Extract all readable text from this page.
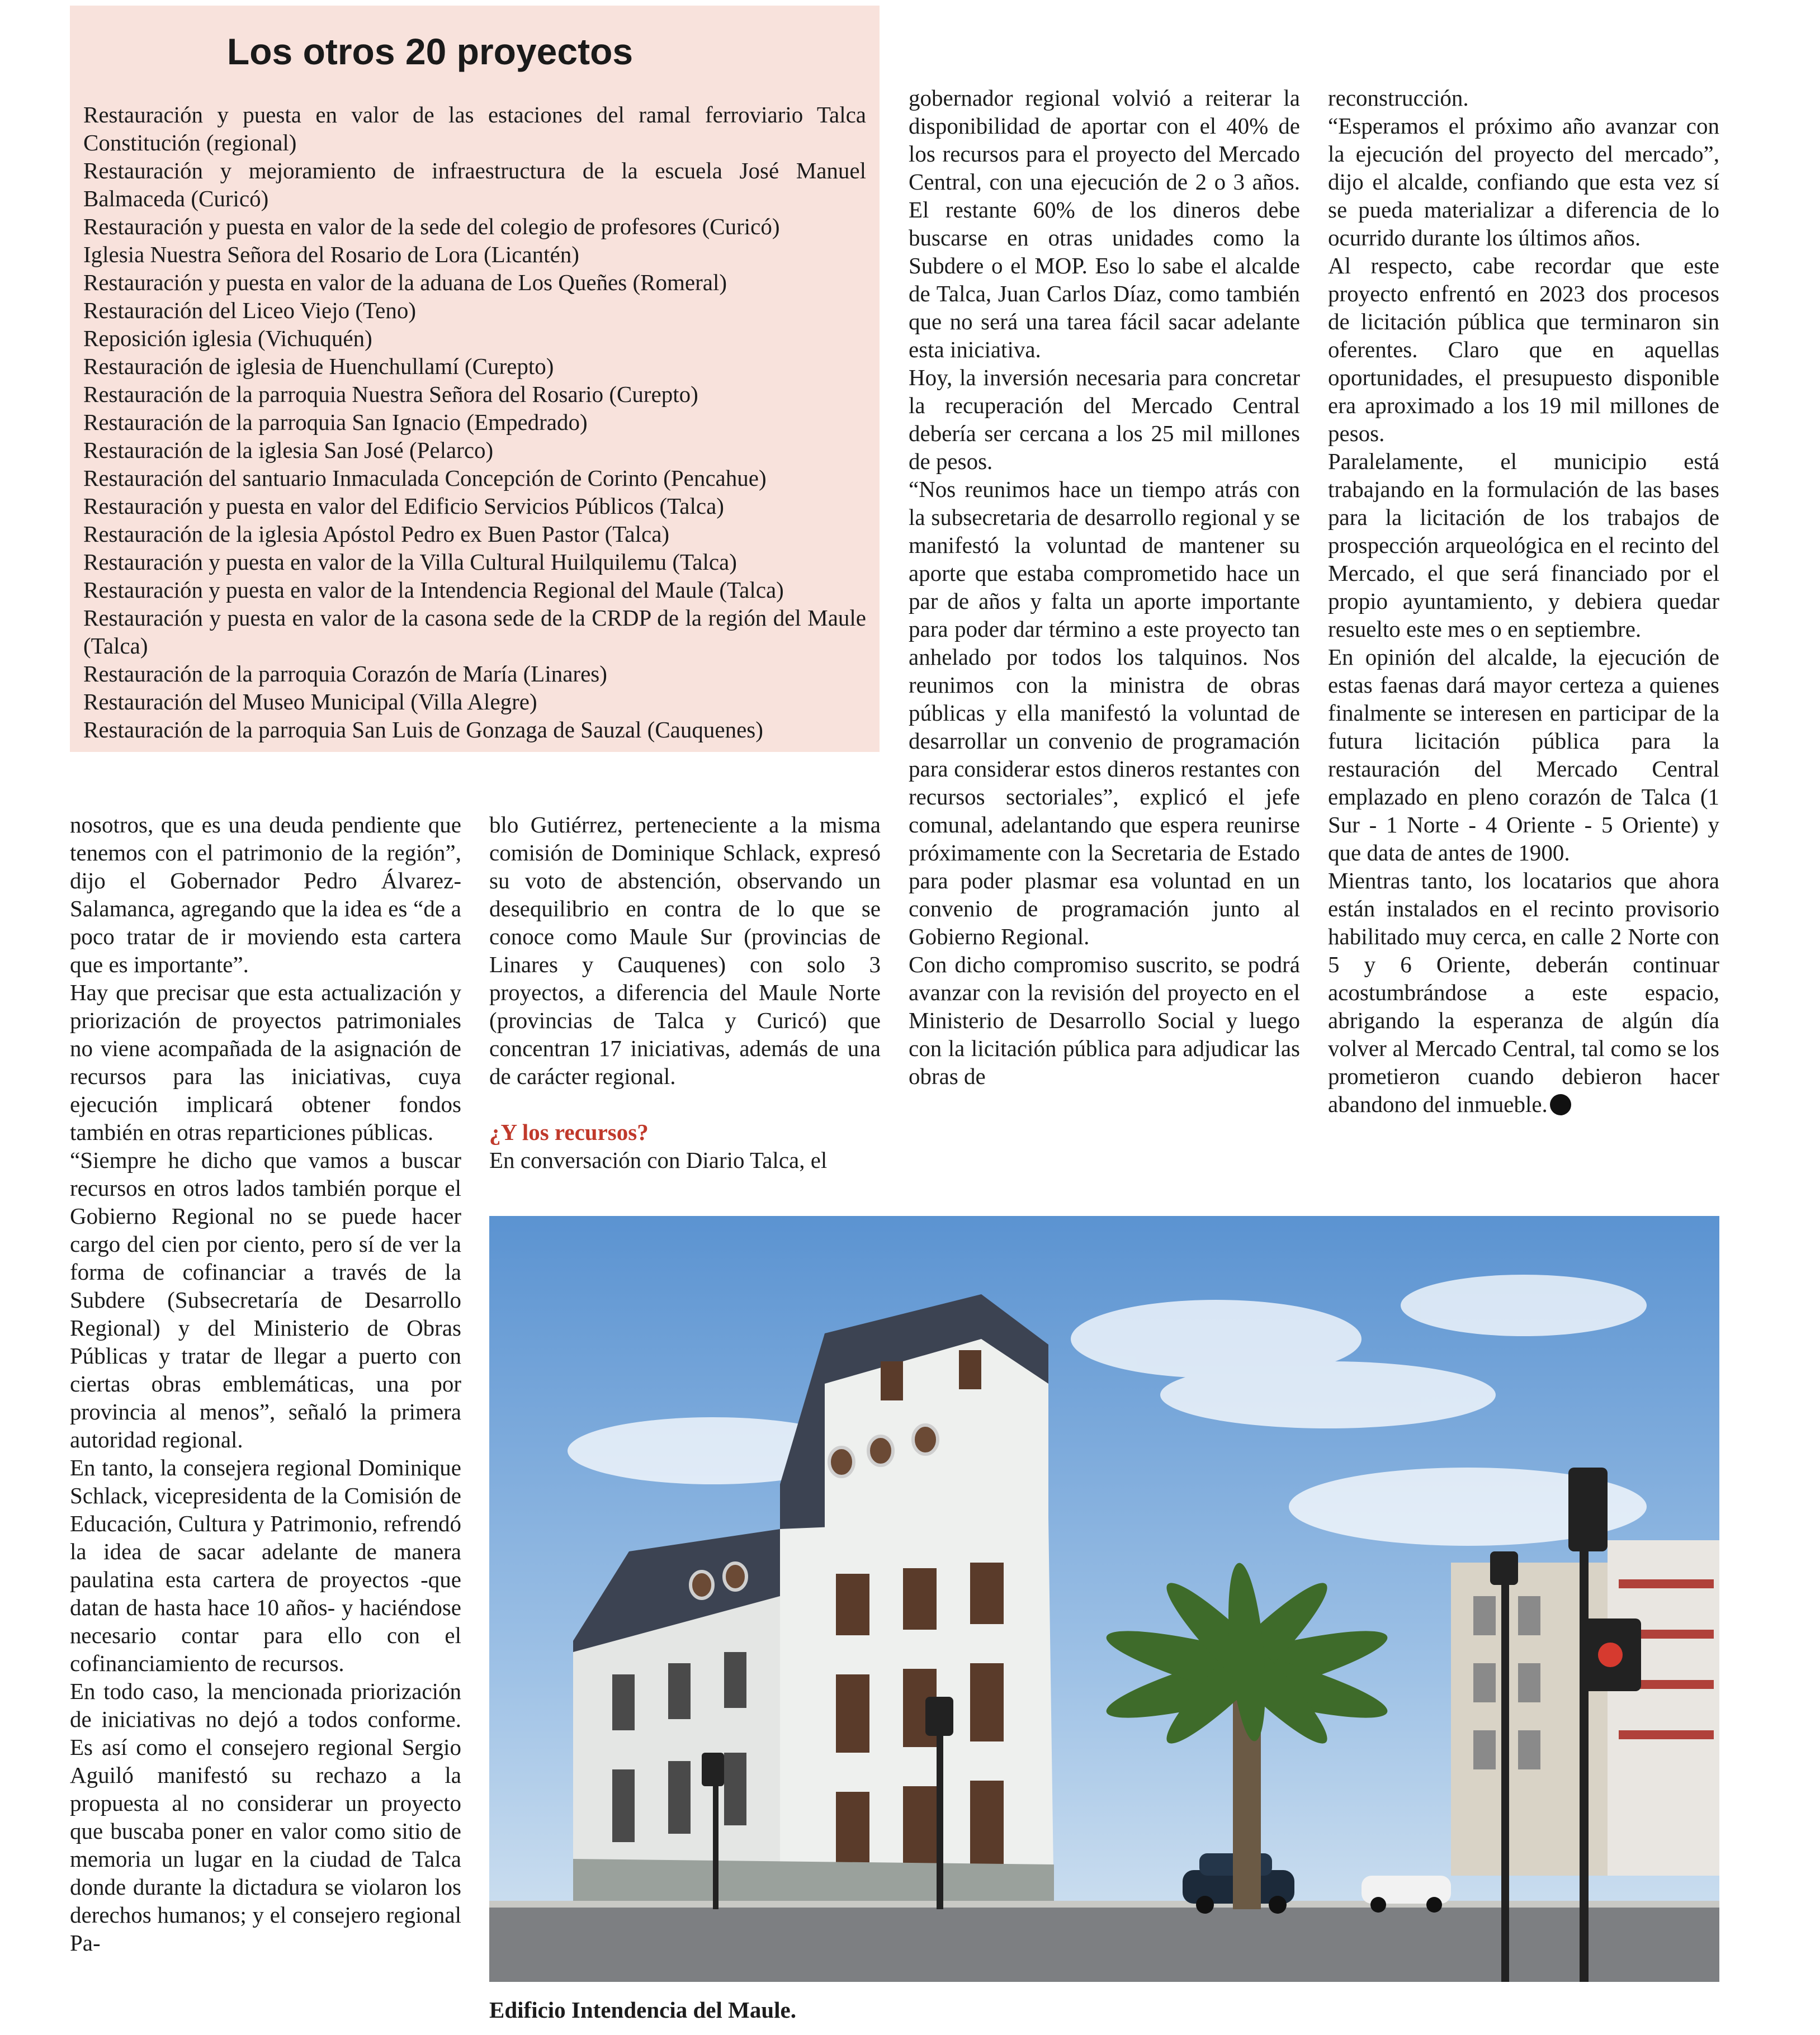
Los otros 20 proyectos
Restauración y puesta en valor de las estaciones del ramal ferroviario Talca Constitución (regional)
Restauración y mejoramiento de infraestructura de la escuela José Manuel Balmaceda (Curicó)
Restauración y puesta en valor de la sede del colegio de profesores (Curicó)
Iglesia Nuestra Señora del Rosario de Lora (Licantén)
Restauración y puesta en valor de la aduana de Los Queñes (Romeral)
Restauración del Liceo Viejo (Teno)
Reposición iglesia (Vichuquén)
Restauración de iglesia de Huenchullamí (Curepto)
Restauración de la parroquia Nuestra Señora del Rosario (Curepto)
Restauración de la parroquia San Ignacio (Empedrado)
Restauración de la iglesia San José (Pelarco)
Restauración del santuario Inmaculada Concepción de Corinto (Pencahue)
Restauración y puesta en valor del Edificio Servicios Públicos (Talca)
Restauración de la iglesia Apóstol Pedro ex Buen Pastor (Talca)
Restauración y puesta en valor de la Villa Cultural Huilquilemu (Talca)
Restauración y puesta en valor de la Intendencia Regional del Maule (Talca)
Restauración y puesta en valor de la casona sede de la CRDP de la región del Maule (Talca)
Restauración de la parroquia Corazón de María (Linares)
Restauración del Museo Municipal (Villa Alegre)
Restauración de la parroquia San Luis de Gonzaga de Sauzal (Cauquenes)

nosotros, que es una deuda pendiente que tenemos con el patrimonio de la región”, dijo el Gobernador Pedro Álvarez-Salamanca, agregando que la idea es “de a poco tratar de ir moviendo esta cartera que es importante”.

Hay que precisar que esta actualización y priorización de proyectos patrimoniales no viene acompañada de la asignación de recursos para las iniciativas, cuya ejecución implicará obtener fondos también en otras reparticiones públicas.

“Siempre he dicho que vamos a buscar recursos en otros lados también porque el Gobierno Regional no se puede hacer cargo del cien por ciento, pero sí de ver la forma de cofinanciar a través de la Subdere (Subsecretaría de Desarrollo Regional) y del Ministerio de Obras Públicas y tratar de llegar a puerto con ciertas obras emblemáticas, una por provincia al menos”, señaló la primera autoridad regional.

En tanto, la consejera regional Dominique Schlack, vicepresidenta de la Comisión de Educación, Cultura y Patrimonio, refrendó la idea de sacar adelante de manera paulatina esta cartera de proyectos -que datan de hasta hace 10 años- y haciéndose necesario contar para ello con el cofinanciamiento de recursos.

En todo caso, la mencionada priorización de iniciativas no dejó a todos conforme. Es así como el consejero regional Sergio Aguiló manifestó su rechazo a la propuesta al no considerar un proyecto que buscaba poner en valor como sitio de memoria un lugar en la ciudad de Talca donde durante la dictadura se violaron los derechos humanos; y el consejero regional Pa-

blo Gutiérrez, perteneciente a la misma comisión de Dominique Schlack, expresó su voto de abstención, observando un desequilibrio en contra de lo que se conoce como Maule Sur (provincias de Linares y Cauquenes) con solo 3 proyectos, a diferencia del Maule Norte (provincias de Talca y Curicó) que concentran 17 iniciativas, además de una de carácter regional.

¿Y los recursos?

En conversación con Diario Talca, el

gobernador regional volvió a reiterar la disponibilidad de aportar con el 40% de los recursos para el proyecto del Mercado Central, con una ejecución de 2 o 3 años. El restante 60% de los dineros debe buscarse en otras unidades como la Subdere o el MOP. Eso lo sabe el alcalde de Talca, Juan Carlos Díaz, como también que no será una tarea fácil sacar adelante esta iniciativa.

Hoy, la inversión necesaria para concretar la recuperación del Mercado Central debería ser cercana a los 25 mil millones de pesos.

“Nos reunimos hace un tiempo atrás con la subsecretaria de desarrollo regional y se manifestó la voluntad de mantener su aporte que estaba comprometido hace un par de años y falta un aporte importante para poder dar término a este proyecto tan anhelado por todos los talquinos. Nos reunimos con la ministra de obras públicas y ella manifestó la voluntad de desarrollar un convenio de programación para considerar estos dineros restantes con recursos sectoriales”, explicó el jefe comunal, adelantando que espera reunirse próximamente con la Secretaria de Estado para poder plasmar esa voluntad en un convenio de programación junto al Gobierno Regional.

Con dicho compromiso suscrito, se podrá avanzar con la revisión del proyecto en el Ministerio de Desarrollo Social y luego con la licitación pública para adjudicar las obras de

reconstrucción.

“Esperamos el próximo año avanzar con la ejecución del proyecto del mercado”, dijo el alcalde, confiando que esta vez sí se pueda materializar a diferencia de lo ocurrido durante los últimos años.

Al respecto, cabe recordar que este proyecto enfrentó en 2023 dos procesos de licitación pública que terminaron sin oferentes. Claro que en aquellas oportunidades, el presupuesto disponible era aproximado a los 19 mil millones de pesos.

Paralelamente, el municipio está trabajando en la formulación de las bases para la licitación de los trabajos de prospección arqueológica en el recinto del Mercado, el que será financiado por el propio ayuntamiento, y debiera quedar resuelto este mes o en septiembre.

En opinión del alcalde, la ejecución de estas faenas dará mayor certeza a quienes finalmente se interesen en participar de la futura licitación pública para la restauración del Mercado Central emplazado en pleno corazón de Talca (1 Sur - 1 Norte - 4 Oriente - 5 Oriente) y que data de antes de 1900.

Mientras tanto, los locatarios que ahora están instalados en el recinto provisorio habilitado muy cerca, en calle 2 Norte con 5 y 6 Oriente, deberán continuar acostumbrándose a este espacio, abrigando la esperanza de algún día volver al Mercado Central, tal como se los prometieron cuando debieron hacer abandono del inmueble.

Edificio Intendencia del Maule.
